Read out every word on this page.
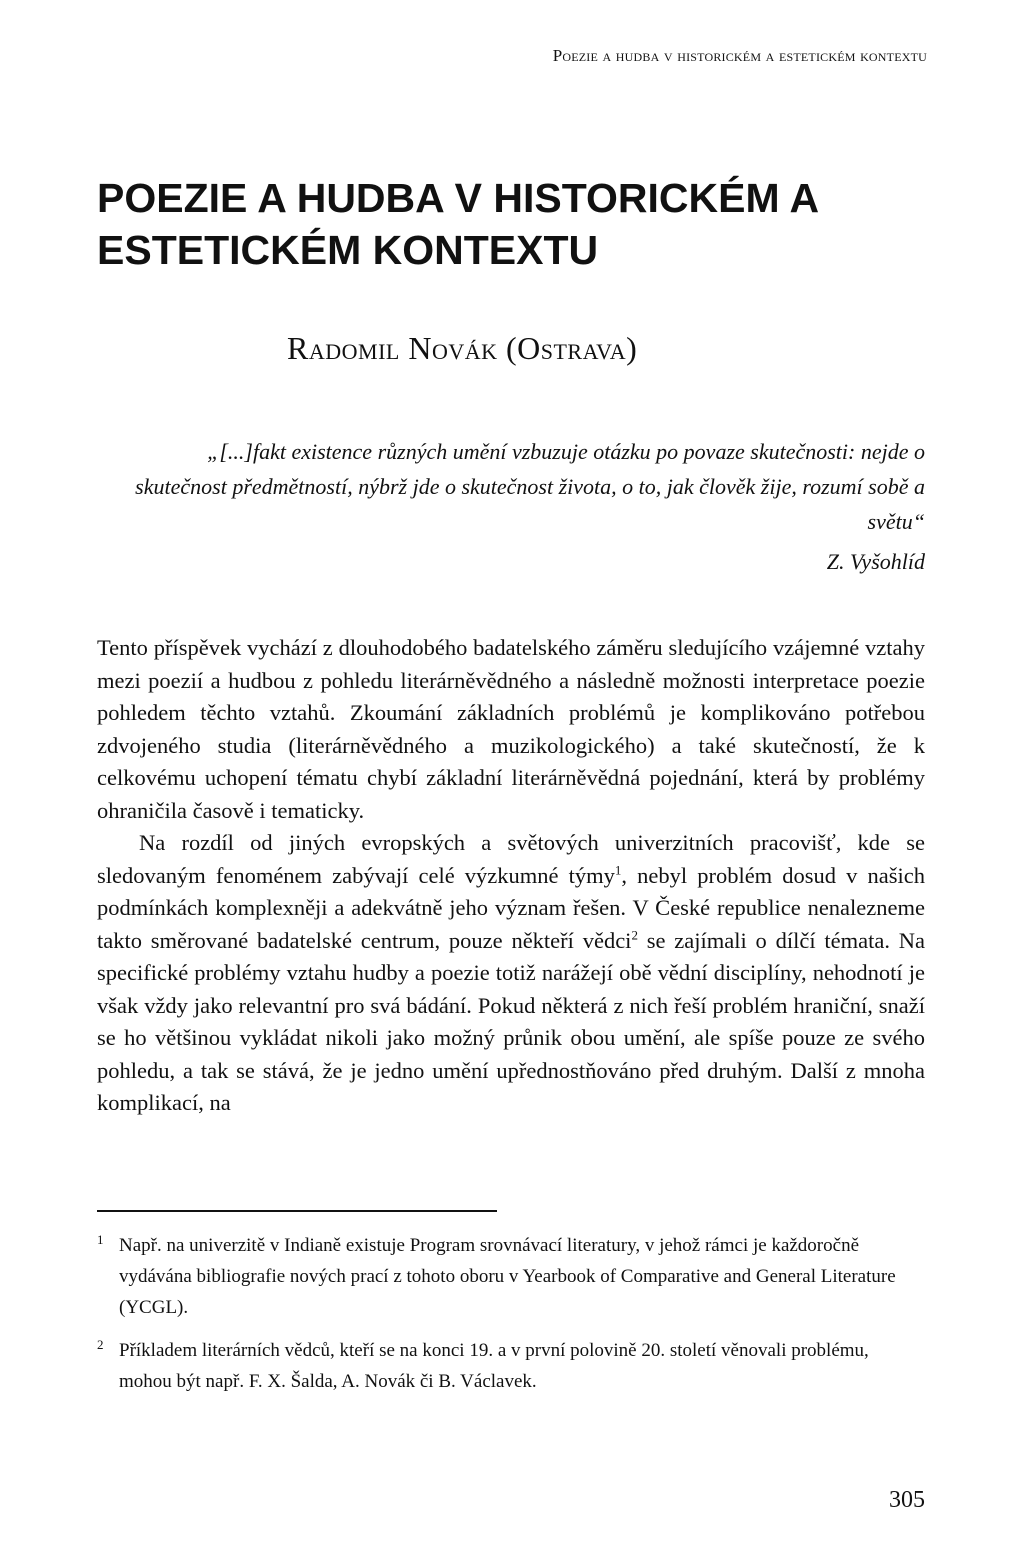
Poezie a hudba v historickém a estetickém kontextu
POEZIE A HUDBA V HISTORICKÉM A ESTETICKÉM KONTEXTU
Radomil Novák (Ostrava)
„[...]fakt existence různých umění vzbuzuje otázku po povaze skutečnosti: nejde o skutečnost předmětností, nýbrž jde o skutečnost života, o to, jak člověk žije, rozumí sobě a světu“
Z. Vyšohlíd

Tento příspěvek vychází z dlouhodobého badatelského záměru sledujícího vzájemné vztahy mezi poezií a hudbou z pohledu literárněvědného a následně možnosti interpretace poezie pohledem těchto vztahů. Zkoumání základních problémů je komplikováno potřebou zdvojeného studia (literárněvědného a muzikologického) a také skutečností, že k celkovému uchopení tématu chybí základní literárněvědná pojednání, která by problémy ohraničila časově i tematicky.

Na rozdíl od jiných evropských a světových univerzitních pracovišť, kde se sledovaným fenoménem zabývají celé výzkumné týmy$^1$, nebyl problém dosud v našich podmínkách komplexněji a adekvátně jeho význam řešen. V České republice nenalezneme takto směrované badatelské centrum, pouze někteří vědci$^2$ se zajímali o dílčí témata. Na specifické problémy vztahu hudby a poezie totiž narážejí obě vědní disciplíny, nehodnotí je však vždy jako relevantní pro svá bádání. Pokud některá z nich řeší problém hraniční, snaží se ho většinou vykládat nikoli jako možný průnik obou umění, ale spíše pouze ze svého pohledu, a tak se stává, že je jedno umění upřednostňováno před druhým. Další z mnoha komplikací, na

1 Např. na univerzitě v Indianě existuje Program srovnávací literatury, v jehož rámci je každoročně vydávána bibliografie nových prací z tohoto oboru v Yearbook of Comparative and General Literature (YCGL).
2 Příkladem literárních vědců, kteří se na konci 19. a v první polovině 20. století věnovali problému, mohou být např. F. X. Šalda, A. Novák či B. Václavek.
305
